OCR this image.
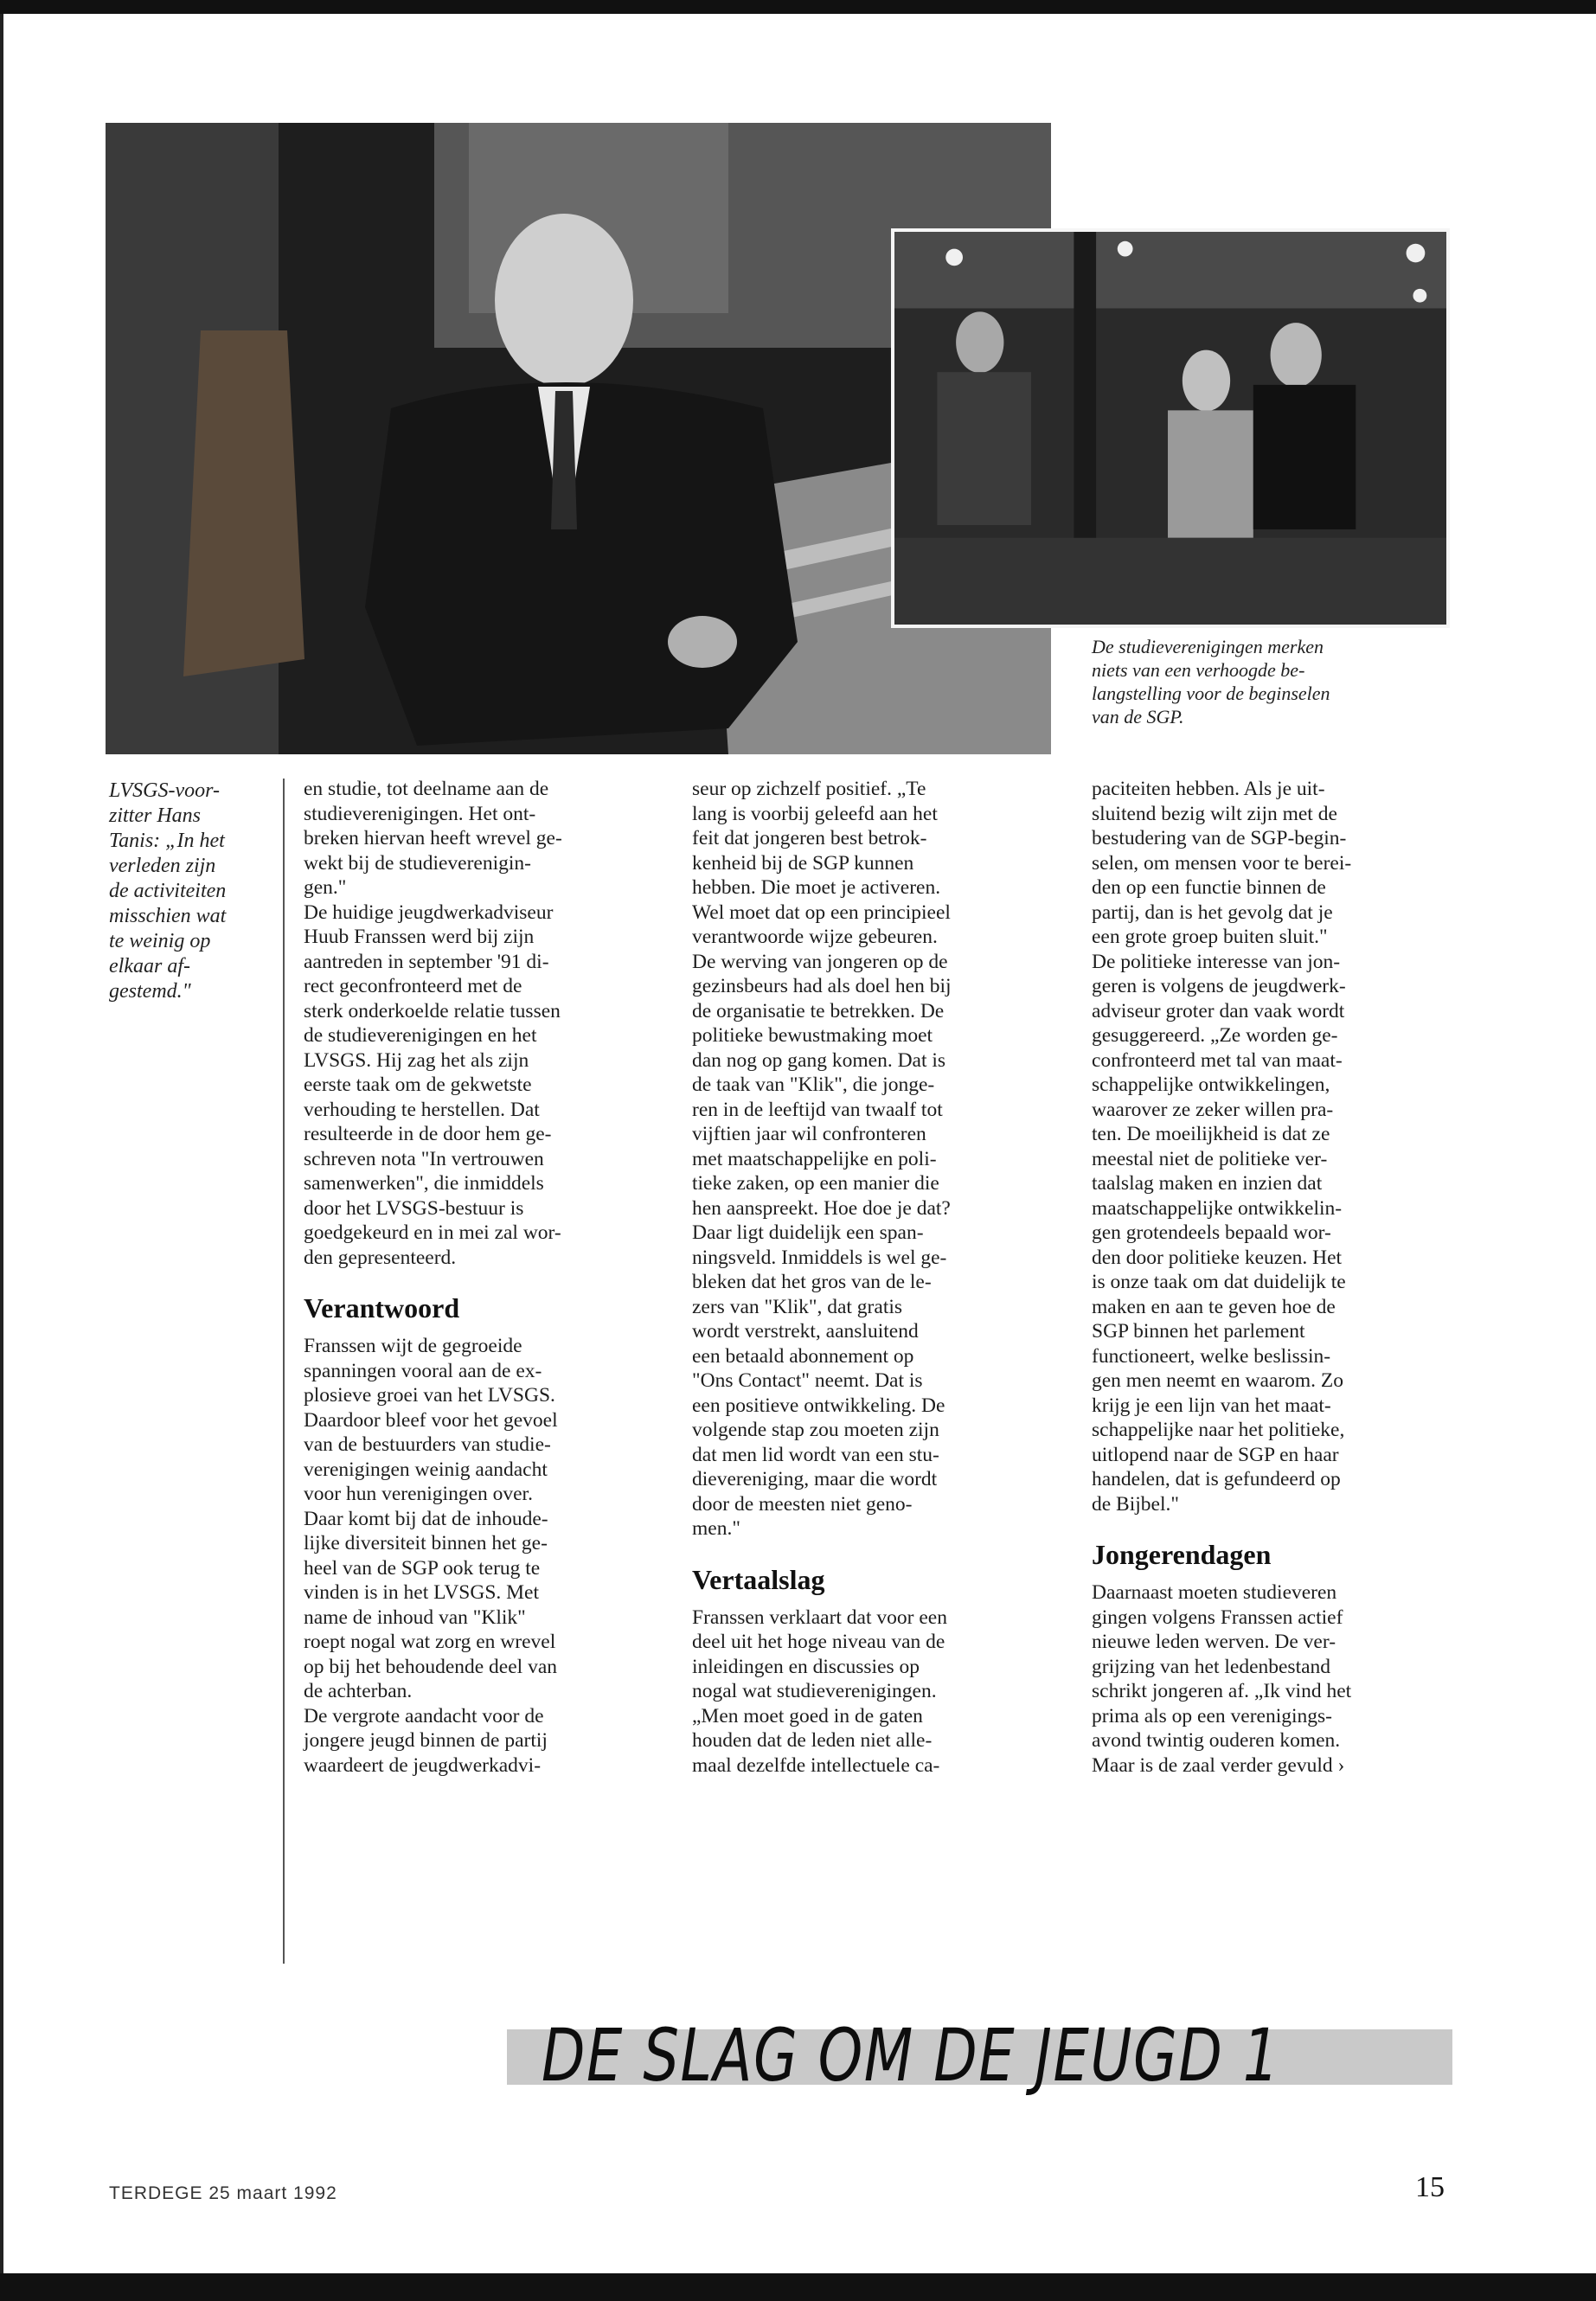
De studieverenigingen merken
niets van een verhoogde be-
langstelling voor de beginselen
van de SGP.

LVSGS-voor-
zitter Hans
Tanis: „In het
verleden zijn
de activiteiten
misschien wat
te weinig op
elkaar af-
gestemd."

en studie, tot deelname aan de
studieverenigingen. Het ont-
breken hiervan heeft wrevel ge-
wekt bij de studieverenigin-
gen."

De huidige jeugdwerkadviseur
Huub Franssen werd bij zijn
aantreden in september '91 di-
rect geconfronteerd met de
sterk onderkoelde relatie tussen
de studieverenigingen en het
LVSGS. Hij zag het als zijn
eerste taak om de gekwetste
verhouding te herstellen. Dat
resulteerde in de door hem ge-
schreven nota "In vertrouwen
samenwerken", die inmiddels
door het LVSGS-bestuur is
goedgekeurd en in mei zal wor-
den gepresenteerd.

Verantwoord

Franssen wijt de gegroeide
spanningen vooral aan de ex-
plosieve groei van het LVSGS.
Daardoor bleef voor het gevoel
van de bestuurders van studie-
verenigingen weinig aandacht
voor hun verenigingen over.
Daar komt bij dat de inhoude-
lijke diversiteit binnen het ge-
heel van de SGP ook terug te
vinden is in het LVSGS. Met
name de inhoud van "Klik"
roept nogal wat zorg en wrevel
op bij het behoudende deel van
de achterban.

De vergrote aandacht voor de
jongere jeugd binnen de partij
waardeert de jeugdwerkadvi-

seur op zichzelf positief. „Te
lang is voorbij geleefd aan het
feit dat jongeren best betrok-
kenheid bij de SGP kunnen
hebben. Die moet je activeren.
Wel moet dat op een principieel
verantwoorde wijze gebeuren.
De werving van jongeren op de
gezinsbeurs had als doel hen bij
de organisatie te betrekken. De
politieke bewustmaking moet
dan nog op gang komen. Dat is
de taak van "Klik", die jonge-
ren in de leeftijd van twaalf tot
vijftien jaar wil confronteren
met maatschappelijke en poli-
tieke zaken, op een manier die
hen aanspreekt. Hoe doe je dat?
Daar ligt duidelijk een span-
ningsveld. Inmiddels is wel ge-
bleken dat het gros van de le-
zers van "Klik", dat gratis
wordt verstrekt, aansluitend
een betaald abonnement op
"Ons Contact" neemt. Dat is
een positieve ontwikkeling. De
volgende stap zou moeten zijn
dat men lid wordt van een stu-
dievereniging, maar die wordt
door de meesten niet geno-
men."

Vertaalslag

Franssen verklaart dat voor een
deel uit het hoge niveau van de
inleidingen en discussies op
nogal wat studieverenigingen.
„Men moet goed in de gaten
houden dat de leden niet alle-
maal dezelfde intellectuele ca-

paciteiten hebben. Als je uit-
sluitend bezig wilt zijn met de
bestudering van de SGP-begin-
selen, om mensen voor te berei-
den op een functie binnen de
partij, dan is het gevolg dat je
een grote groep buiten sluit."
De politieke interesse van jon-
geren is volgens de jeugdwerk-
adviseur groter dan vaak wordt
gesuggereerd. „Ze worden ge-
confronteerd met tal van maat-
schappelijke ontwikkelingen,
waarover ze zeker willen pra-
ten. De moeilijkheid is dat ze
meestal niet de politieke ver-
taalslag maken en inzien dat
maatschappelijke ontwikkelin-
gen grotendeels bepaald wor-
den door politieke keuzen. Het
is onze taak om dat duidelijk te
maken en aan te geven hoe de
SGP binnen het parlement
functioneert, welke beslissin-
gen men neemt en waarom. Zo
krijg je een lijn van het maat-
schappelijke naar het politieke,
uitlopend naar de SGP en haar
handelen, dat is gefundeerd op
de Bijbel."

Jongerendagen

Daarnaast moeten studieveren
gingen volgens Franssen actief
nieuwe leden werven. De ver-
grijzing van het ledenbestand
schrikt jongeren af. „Ik vind het
prima als op een verenigings-
avond twintig ouderen komen.
Maar is de zaal verder gevuld ›

DE SLAG OM DE JEUGD 1
TERDEGE 25 maart 1992	15
